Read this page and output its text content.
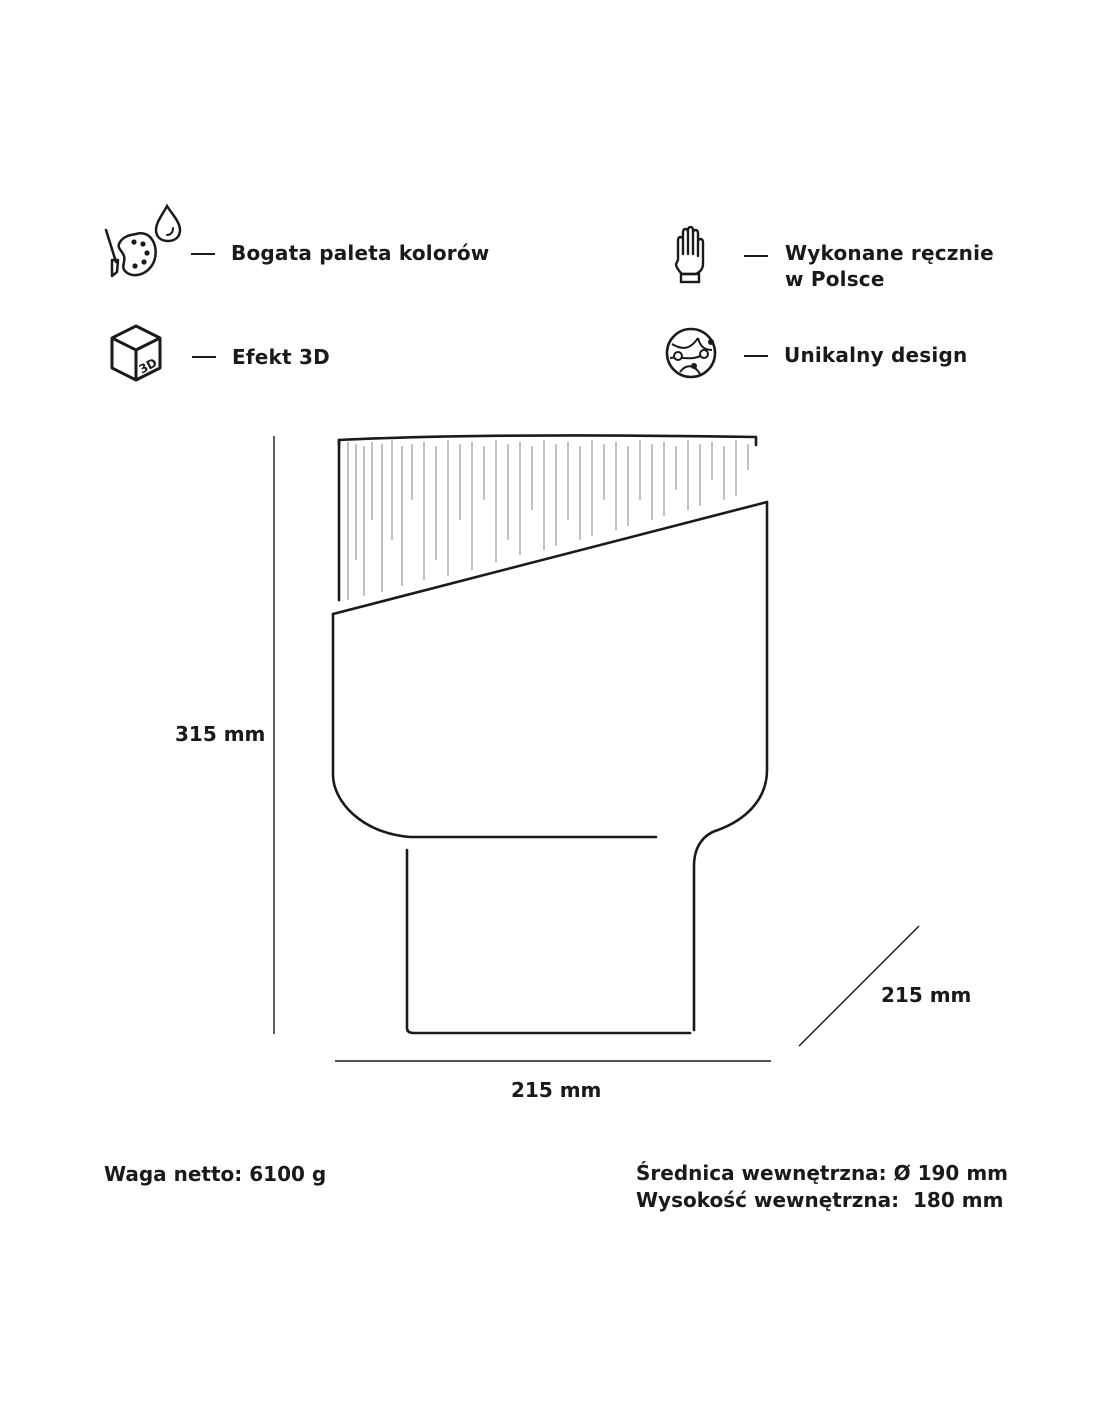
Bogata paleta kolorów	Wykonane ręcznie
w Polsce
3D	Efekt 3D	Unikalny design
315 mm
215 mm
215 mm
Waga netto: 6100 g	Średnica wewnętrzna: Ø 190 mm
Wysokość wewnętrzna:  180 mm
